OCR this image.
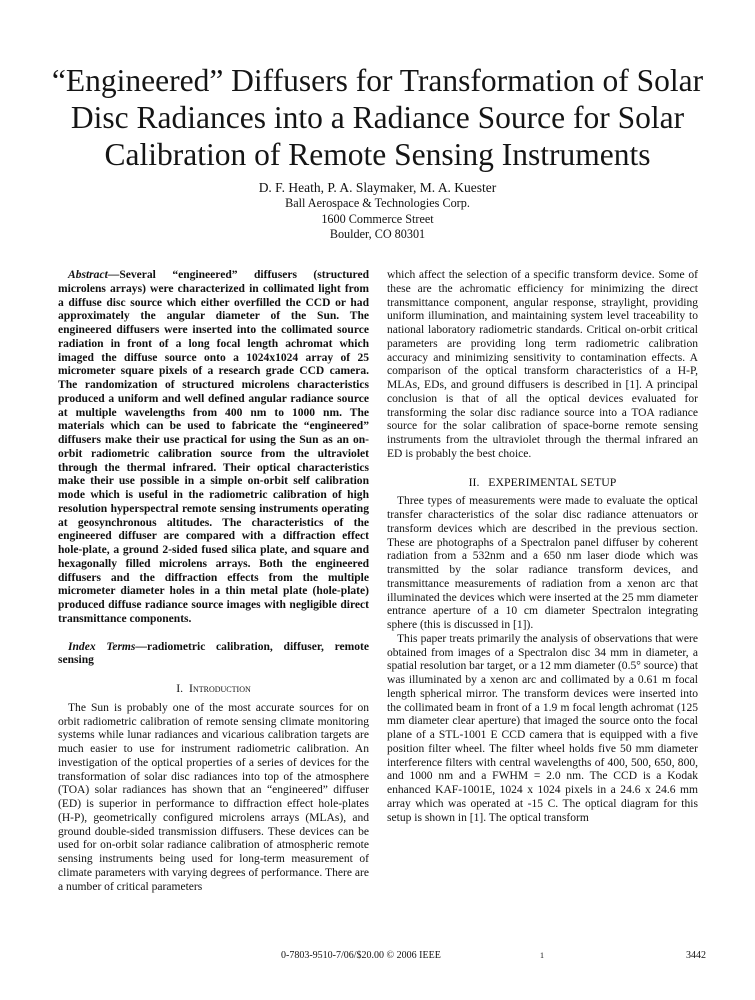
“Engineered” Diffusers for Transformation of Solar
Disc Radiances into a Radiance Source for Solar
Calibration of Remote Sensing Instruments
D. F. Heath, P. A. Slaymaker, M. A. Kuester
Ball Aerospace & Technologies Corp.
1600 Commerce Street
Boulder, CO 80301

Abstract—Several “engineered” diffusers (structured microlens arrays) were characterized in collimated light from a diffuse disc source which either overfilled the CCD or had approximately the angular diameter of the Sun. The engineered diffusers were inserted into the collimated source radiation in front of a long focal length achromat which imaged the diffuse source onto a 1024x1024 array of 25 micrometer square pixels of a research grade CCD camera. The randomization of structured microlens characteristics produced a uniform and well defined angular radiance source at multiple wavelengths from 400 nm to 1000 nm. The materials which can be used to fabricate the “engineered” diffusers make their use practical for using the Sun as an on-orbit radiometric calibration source from the ultraviolet through the thermal infrared. Their optical characteristics make their use possible in a simple on-orbit self calibration mode which is useful in the radiometric calibration of high resolution hyperspectral remote sensing instruments operating at geosynchronous altitudes. The characteristics of the engineered diffuser are compared with a diffraction effect hole-plate, a ground 2-sided fused silica plate, and square and hexagonally filled microlens arrays. Both the engineered diffusers and the diffraction effects from the multiple micrometer diameter holes in a thin metal plate (hole-plate) produced diffuse radiance source images with negligible direct transmittance components.

Index Terms—radiometric calibration, diffuser, remote sensing

I. Introduction

The Sun is probably one of the most accurate sources for on orbit radiometric calibration of remote sensing climate monitoring systems while lunar radiances and vicarious calibration targets are much easier to use for instrument radiometric calibration. An investigation of the optical properties of a series of devices for the transformation of solar disc radiances into top of the atmosphere (TOA) solar radiances has shown that an “engineered” diffuser (ED) is superior in performance to diffraction effect hole-plates (H-P), geometrically configured microlens arrays (MLAs), and ground double-sided transmission diffusers. These devices can be used for on-orbit solar radiance calibration of atmospheric remote sensing instruments being used for long-term measurement of climate parameters with varying degrees of performance. There are a number of critical parameters

which affect the selection of a specific transform device. Some of these are the achromatic efficiency for minimizing the direct transmittance component, angular response, straylight, providing uniform illumination, and maintaining system level traceability to national laboratory radiometric standards. Critical on-orbit critical parameters are providing long term radiometric calibration accuracy and minimizing sensitivity to contamination effects. A comparison of the optical transform characteristics of a H-P, MLAs, EDs, and ground diffusers is described in [1]. A principal conclusion is that of all the optical devices evaluated for transforming the solar disc radiance source into a TOA radiance source for the solar calibration of space-borne remote sensing instruments from the ultraviolet through the thermal infrared an ED is probably the best choice.

II. EXPERIMENTAL SETUP

Three types of measurements were made to evaluate the optical transfer characteristics of the solar disc radiance attenuators or transform devices which are described in the previous section. These are photographs of a Spectralon panel diffuser by coherent radiation from a 532nm and a 650 nm laser diode which was transmitted by the solar radiance transform devices, and transmittance measurements of radiation from a xenon arc that illuminated the devices which were inserted at the 25 mm diameter entrance aperture of a 10 cm diameter Spectralon integrating sphere (this is discussed in [1]).

This paper treats primarily the analysis of observations that were obtained from images of a Spectralon disc 34 mm in diameter, a spatial resolution bar target, or a 12 mm diameter (0.5° source) that was illuminated by a xenon arc and collimated by a 0.61 m focal length spherical mirror. The transform devices were inserted into the collimated beam in front of a 1.9 m focal length achromat (125 mm diameter clear aperture) that imaged the source onto the focal plane of a STL-1001 E CCD camera that is equipped with a five position filter wheel. The filter wheel holds five 50 mm diameter interference filters with central wavelengths of 400, 500, 650, 800, and 1000 nm and a FWHM = 2.0 nm. The CCD is a Kodak enhanced KAF-1001E, 1024 x 1024 pixels in a 24.6 x 24.6 mm array which was operated at -15 C. The optical diagram for this setup is shown in [1]. The optical transform

0-7803-9510-7/06/$20.00 © 2006 IEEE	1	3442
